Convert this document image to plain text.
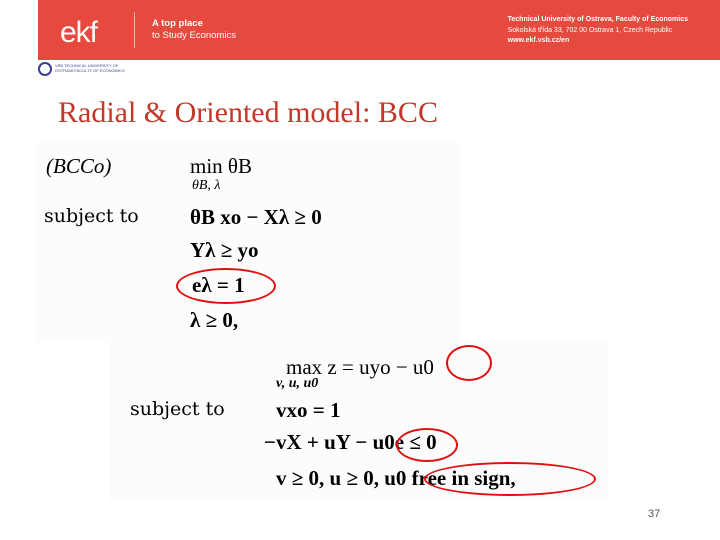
ekf	A top place
to Study Economics
Technical University of Ostrava, Faculty of Economics
Sokolská třída 33, 702 00 Ostrava 1, Czech Republic
www.ekf.vsb.cz/en
VŠB TECHNICAL UNIVERSITY OF OSTRAVA FACULTY OF ECONOMICS
Radial & Oriented model: BCC
(BCCo)	min θB
θB, λ
subject to θB xo − Xλ ≥ 0
Yλ ≥ yo
eλ = 1
λ ≥ 0,
max z = uyo − u0
v, u, u0
subject to vxo = 1
−vX + uY − u0e ≤ 0
v ≥ 0, u ≥ 0, u0 free in sign,
37
